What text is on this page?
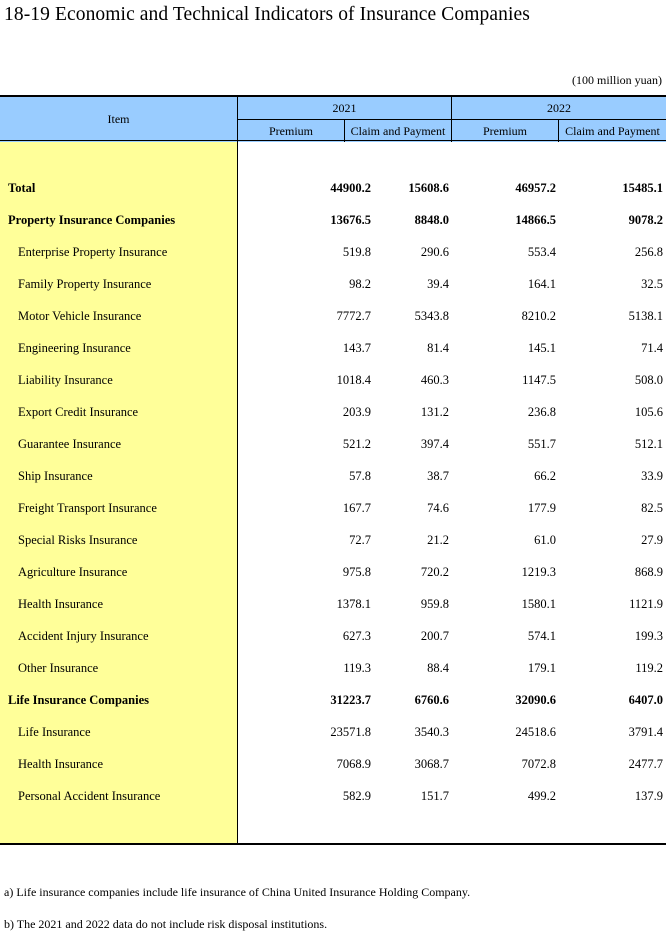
18-19 Economic and Technical Indicators of Insurance Companies
(100 million yuan)
Item
2021	2022
Premium	Claim and Payment	Premium	Claim and Payment
Total	44900.2	15608.6	46957.2	15485.1
Property Insurance Companies	13676.5	8848.0	14866.5	9078.2
Enterprise Property Insurance	519.8	290.6	553.4	256.8
Family Property Insurance	98.2	39.4	164.1	32.5
Motor Vehicle Insurance	7772.7	5343.8	8210.2	5138.1
Engineering Insurance	143.7	81.4	145.1	71.4
Liability Insurance	1018.4	460.3	1147.5	508.0
Export Credit Insurance	203.9	131.2	236.8	105.6
Guarantee Insurance	521.2	397.4	551.7	512.1
Ship Insurance	57.8	38.7	66.2	33.9
Freight Transport Insurance	167.7	74.6	177.9	82.5
Special Risks Insurance	72.7	21.2	61.0	27.9
Agriculture Insurance	975.8	720.2	1219.3	868.9
Health Insurance	1378.1	959.8	1580.1	1121.9
Accident Injury Insurance	627.3	200.7	574.1	199.3
Other Insurance	119.3	88.4	179.1	119.2
Life Insurance Companies	31223.7	6760.6	32090.6	6407.0
Life Insurance	23571.8	3540.3	24518.6	3791.4
Health Insurance	7068.9	3068.7	7072.8	2477.7
Personal Accident Insurance	582.9	151.7	499.2	137.9
a) Life insurance companies include life insurance of China United Insurance Holding Company.
b) The 2021 and 2022 data do not include risk disposal institutions.
